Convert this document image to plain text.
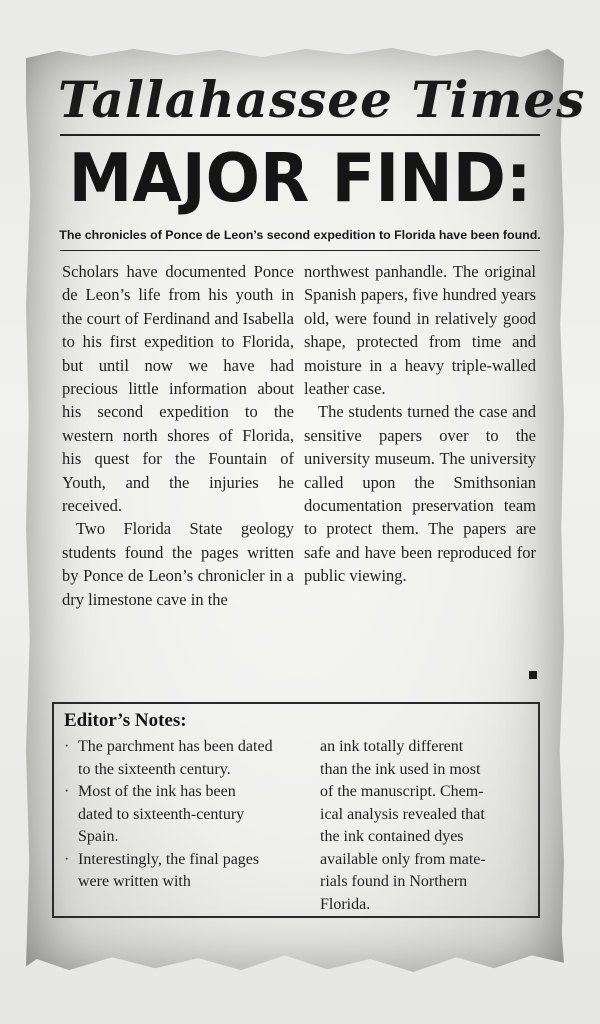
Tallahassee Times
MAJOR FIND:
The chronicles of Ponce de Leon’s second expedition to Florida have been found.

Scholars have documented Ponce de Leon’s life from his youth in the court of Ferdinand and Isabella to his first expedition to Florida, but until now we have had precious little information about his second expedition to the western north shores of Florida, his quest for the Fountain of Youth, and the injuries he received.

Two Florida State geology students found the pages written by Ponce de Leon’s chronicler in a dry limestone cave in the

northwest panhandle. The original Spanish papers, five hundred years old, were found in relatively good shape, protected from time and moisture in a heavy triple-walled leather case.

The students turned the case and sensitive papers over to the university museum. The university called upon the Smithsonian documentation preservation team to protect them. The papers are safe and have been reproduced for public viewing.

Editor’s Notes:
· The parchment has been dated to the sixteenth century.
· Most of the ink has been dated to sixteenth-century Spain.
· Interestingly, the final pages were written with
an ink totally different
than the ink used in most
of the manuscript. Chem-
ical analysis revealed that
the ink contained dyes
available only from mate-
rials found in Northern
Florida.
